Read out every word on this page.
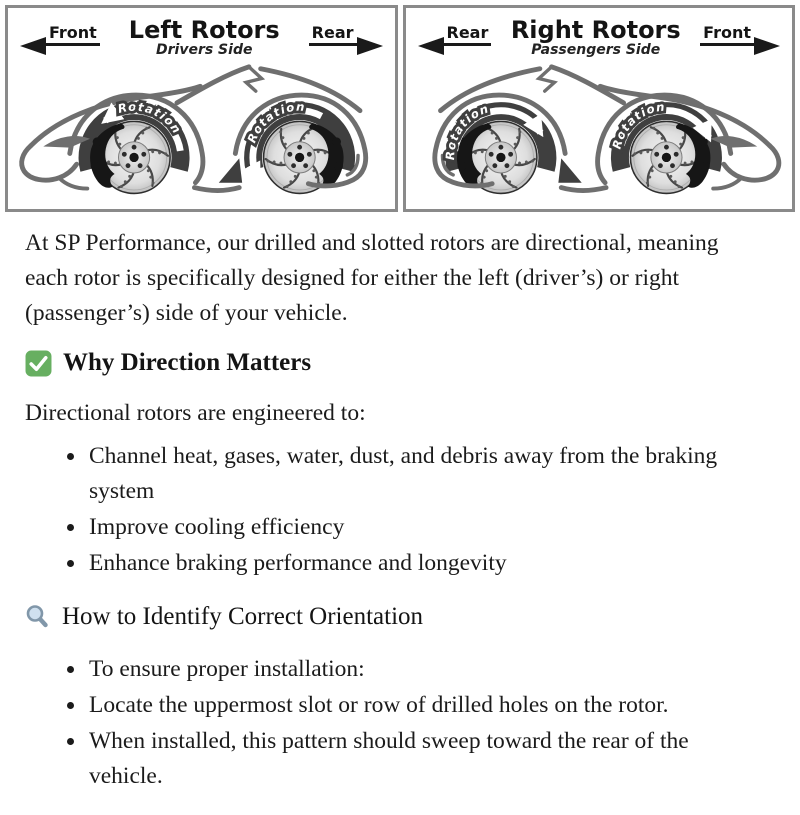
Front	Left Rotors
Drivers Side
Rear
Rotation
Rotation
Rear Right Rotors
Passengers Side
Front
Rotation
Rotation

At SP Performance, our drilled and slotted rotors are directional, meaning each rotor is specifically designed for either the left (driver’s) or right (passenger’s) side of your vehicle.

Why Direction Matters

Directional rotors are engineered to:

• Channel heat, gases, water, dust, and debris away from the braking system
• Improve cooling efficiency
• Enhance braking performance and longevity
How to Identify Correct Orientation
• To ensure proper installation:
• Locate the uppermost slot or row of drilled holes on the rotor.
• When installed, this pattern should sweep toward the rear of the vehicle.
